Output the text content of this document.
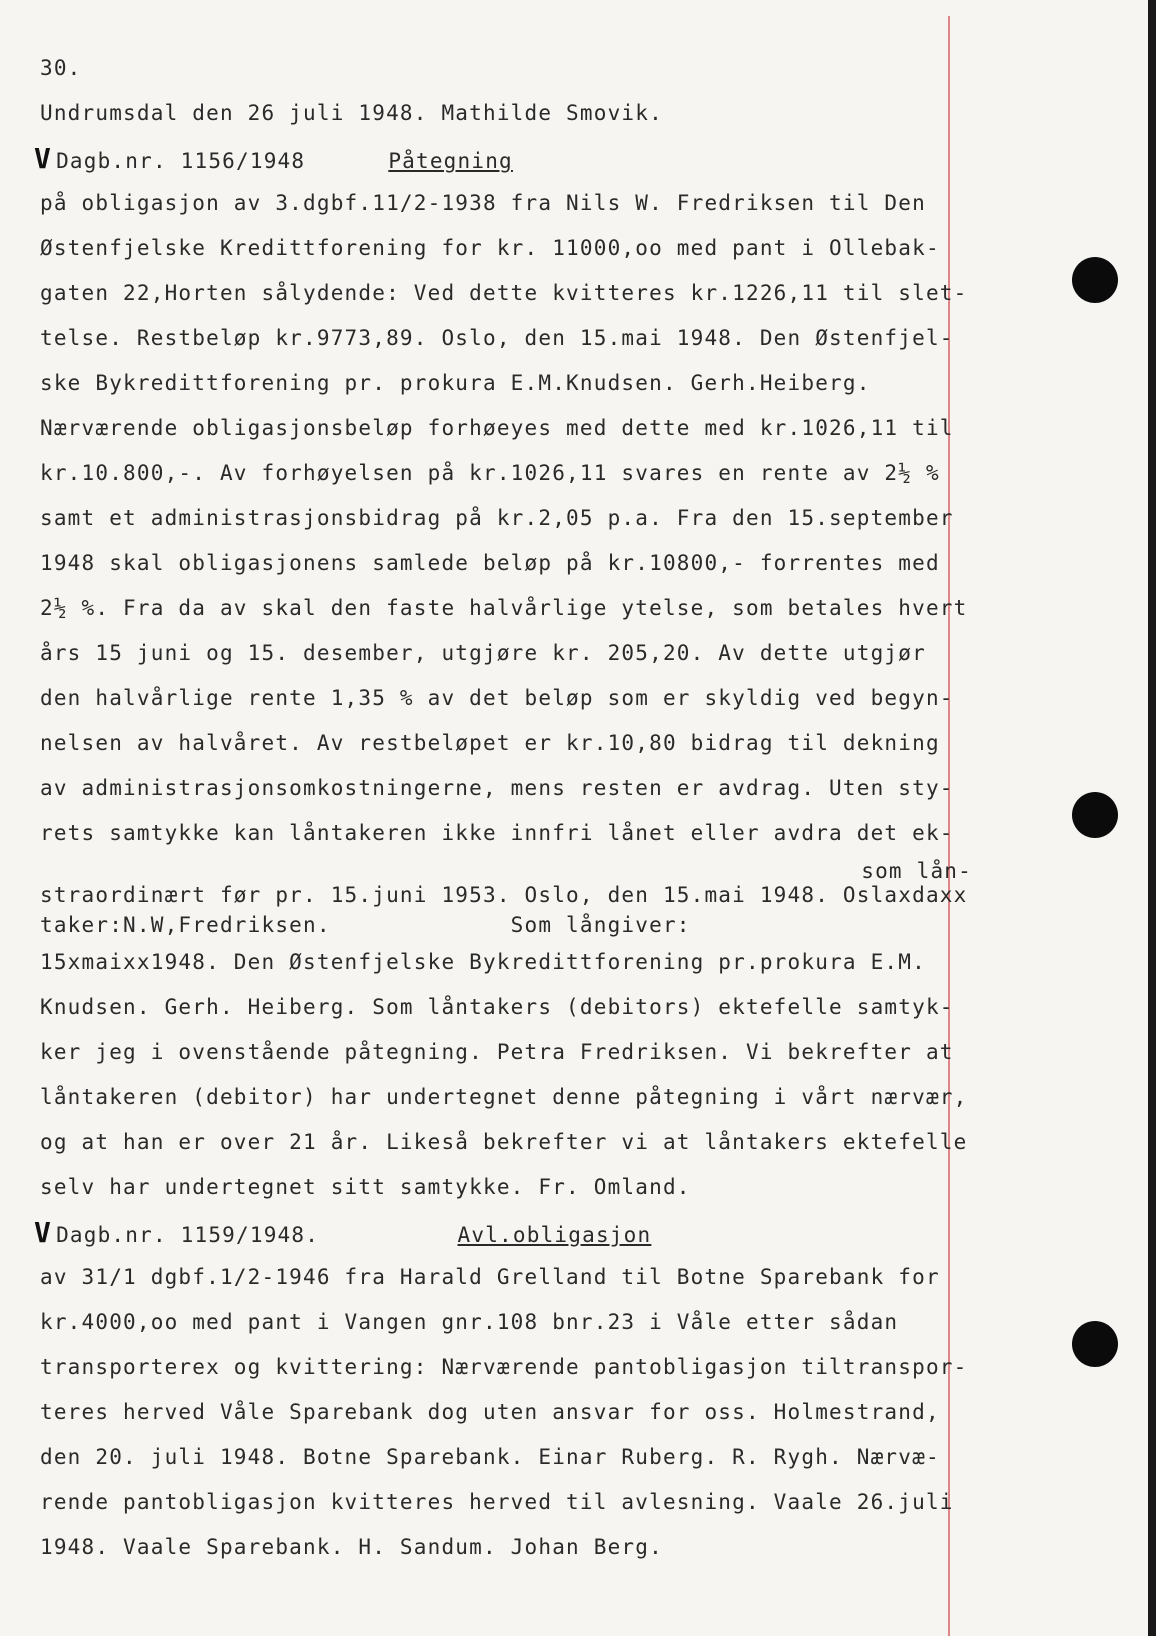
30.
Undrumsdal den 26 juli 1948. Mathilde Smovik.
V Dagb.nr. 1156/1948	Påtegning
på obligasjon av 3.dgbf.11/2-1938 fra Nils W. Fredriksen til Den
Østenfjelske Kredittforening for kr. 11000,oo med pant i Ollebak-
gaten 22,Horten sålydende: Ved dette kvitteres kr.1226,11 til slet-
telse. Restbeløp kr.9773,89. Oslo, den 15.mai 1948. Den Østenfjel-
ske Bykredittforening pr. prokura E.M.Knudsen. Gerh.Heiberg.
Nærværende obligasjonsbeløp forhøeyes med dette med kr.1026,11 til
kr.10.800,-. Av forhøyelsen på kr.1026,11 svares en rente av 2½ %
samt et administrasjonsbidrag på kr.2,05 p.a. Fra den 15.september
1948 skal obligasjonens samlede beløp på kr.10800,- forrentes med
2½ %. Fra da av skal den faste halvårlige ytelse, som betales hvert
års 15 juni og 15. desember, utgjøre kr. 205,20. Av dette utgjør
den halvårlige rente 1,35 % av det beløp som er skyldig ved begyn-
nelsen av halvåret. Av restbeløpet er kr.10,80 bidrag til dekning
av administrasjonsomkostningerne, mens resten er avdrag. Uten sty-
rets samtykke kan låntakeren ikke innfri lånet eller avdra det ek-
som lån-
straordinært før pr. 15.juni 1953. Oslo, den 15.mai 1948. Oslaxdaxx
taker:N.W,Fredriksen.             Som långiver:
15xmaixx1948. Den Østenfjelske Bykredittforening pr.prokura E.M.
Knudsen. Gerh. Heiberg. Som låntakers (debitors) ektefelle samtyk-
ker jeg i ovenstående påtegning. Petra Fredriksen. Vi bekrefter at
låntakeren (debitor) har undertegnet denne påtegning i vårt nærvær,
og at han er over 21 år. Likeså bekrefter vi at låntakers ektefelle
selv har undertegnet sitt samtykke. Fr. Omland.
V Dagb.nr. 1159/1948.	Avl.obligasjon
av 31/1 dgbf.1/2-1946 fra Harald Grelland til Botne Sparebank for
kr.4000,oo med pant i Vangen gnr.108 bnr.23 i Våle etter sådan
transporterex og kvittering: Nærværende pantobligasjon tiltranspor-
teres herved Våle Sparebank dog uten ansvar for oss. Holmestrand,
den 20. juli 1948. Botne Sparebank. Einar Ruberg. R. Rygh. Nærvæ-
rende pantobligasjon kvitteres herved til avlesning. Vaale 26.juli
1948. Vaale Sparebank. H. Sandum. Johan Berg.
